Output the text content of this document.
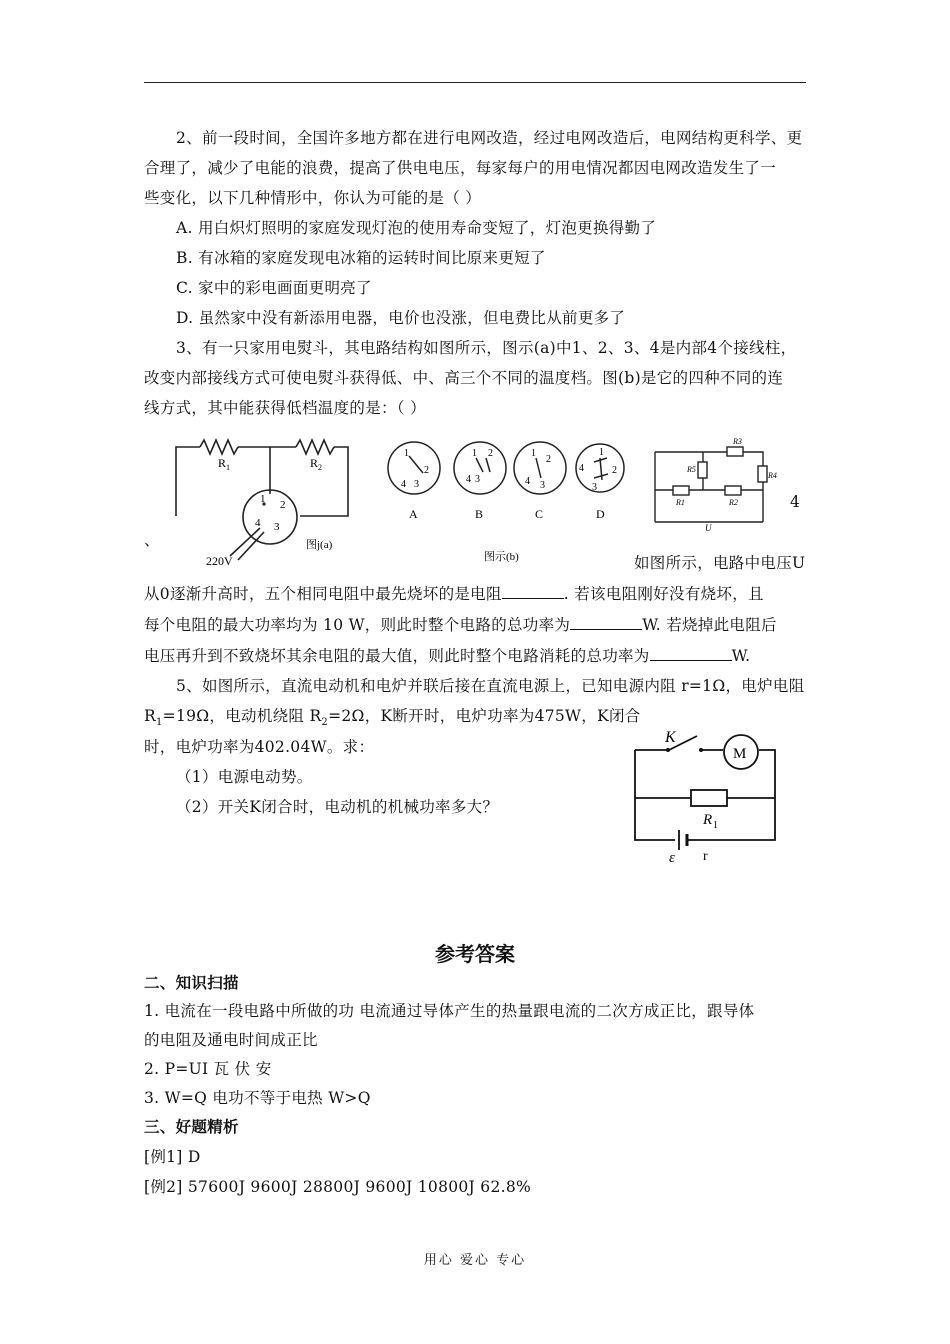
2、前一段时间，全国许多地方都在进行电网改造，经过电网改造后，电网结构更科学、更
合理了，减少了电能的浪费，提高了供电电压，每家每户的用电情况都因电网改造发生了一
些变化，以下几种情形中，你认为可能的是（ ）
A. 用白炽灯照明的家庭发现灯泡的使用寿命变短了，灯泡更换得勤了
B. 有冰箱的家庭发现电冰箱的运转时间比原来更短了
C. 家中的彩电画面更明亮了
D. 虽然家中没有新添用电器，电价也没涨，但电费比从前更多了
3、有一只家用电熨斗，其电路结构如图所示，图示(a)中1、2、3、4是内部4个接线柱，
改变内部接线方式可使电熨斗获得低、中、高三个不同的温度档。图(b)是它的四种不同的连
线方式，其中能获得低档温度的是：（ ）
R 1	R 2
1 2
3
4
220V
图j(a)
1
2
4 3
1 2
4 3
1
2
4 3
4
1
2
3
A	B	C	D
图示(b)
R3
R5
R4
R1	R2
U
4
、
如图所示，电路中电压U
从0逐渐升高时，五个相同电阻中最先烧坏的是电阻	. 若该电阻刚好没有烧坏，且
每个电阻的最大功率均为 10 W，则此时整个电路的总功率为	W. 若烧掉此电阻后
电压再升到不致烧坏其余电阻的最大值，则此时整个电路消耗的总功率为	W.
5、如图所示，直流电动机和电炉并联后接在直流电源上，已知电源内阻 r=1Ω，电炉电阻
$R_1=19\Omega$，电动机绕阻 $R_2=2\Omega$，K断开时，电炉功率为475W，K闭合
时，电炉功率为402.04W。求：
（1）电源电动势。
（2）开关K闭合时，电动机的机械功率多大？
K
M
R 1
ε r
参考答案
二、知识扫描
1. 电流在一段电路中所做的功 电流通过导体产生的热量跟电流的二次方成正比，跟导体
的电阻及通电时间成正比
2. P=UI 瓦 伏 安
3. W=Q 电功不等于电热 W>Q
三、好题精析
[例1] D
[例2] 57600J 9600J 28800J 9600J 10800J 62.8%
用心 爱心 专心
